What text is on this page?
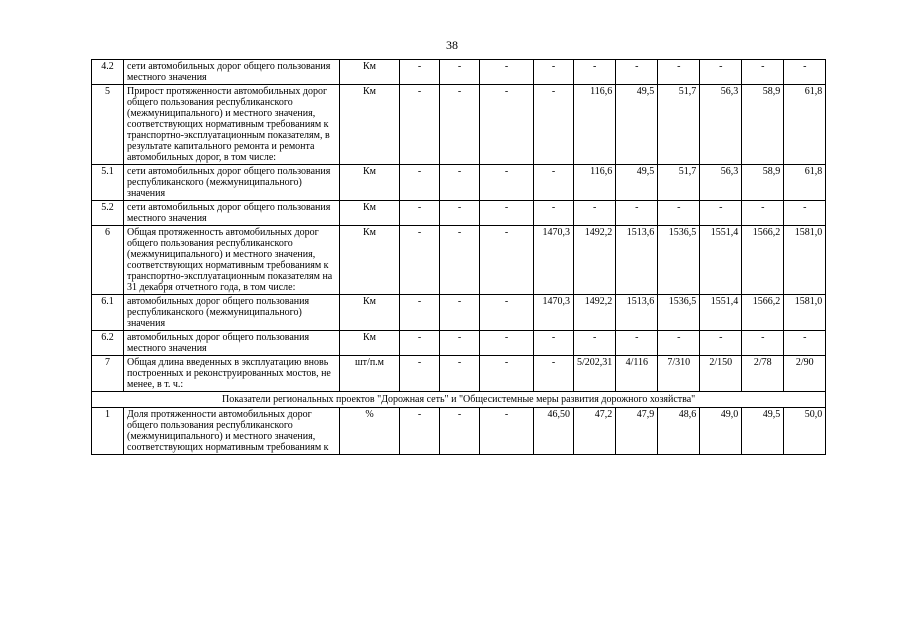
38
4.2	сети автомобильных дорог общего пользования местного значения	Км	-	-	-	-	-	-	-	-	-	-
5	Прирост протяженности автомобильных дорог общего пользования республиканского (межмуниципального) и местного значения, соответствующих нормативным требованиям к транспортно-эксплуатационным показателям, в результате капитального ремонта и ремонта автомобильных дорог, в том числе:	Км	-	-	-	-	116,6	49,5	51,7	56,3	58,9	61,8
5.1	сети автомобильных дорог общего пользования республиканского (межмуниципального) значения	Км	-	-	-	-	116,6	49,5	51,7	56,3	58,9	61,8
5.2	сети автомобильных дорог общего пользования местного значения	Км	-	-	-	-	-	-	-	-	-	-
6	Общая протяженность автомобильных дорог общего пользования республиканского (межмуниципального) и местного значения, соответствующих нормативным требованиям к транспортно-эксплуатационным показателям на 31 декабря отчетного года, в том числе:	Км	-	-	-	1470,3	1492,2	1513,6	1536,5	1551,4	1566,2	1581,0
6.1	автомобильных дорог общего пользования республиканского (межмуниципального) значения	Км	-	-	-	1470,3	1492,2	1513,6	1536,5	1551,4	1566,2	1581,0
6.2	автомобильных дорог общего пользования местного значения	Км	-	-	-	-	-	-	-	-	-	-
7	Общая длина введенных в эксплуатацию вновь построенных и реконструированных мостов, не менее, в т. ч.:	шт/п.м	-	-	-	-	5/202,31	4/116	7/310	2/150	2/78	2/90
Показатели региональных проектов "Дорожная сеть" и "Общесистемные меры развития дорожного хозяйства"												
1	Доля протяженности автомобильных дорог общего пользования республиканского (межмуниципального) и местного значения, соответствующих нормативным требованиям к	%	-	-	-	46,50	47,2	47,9	48,6	49,0	49,5	50,0
